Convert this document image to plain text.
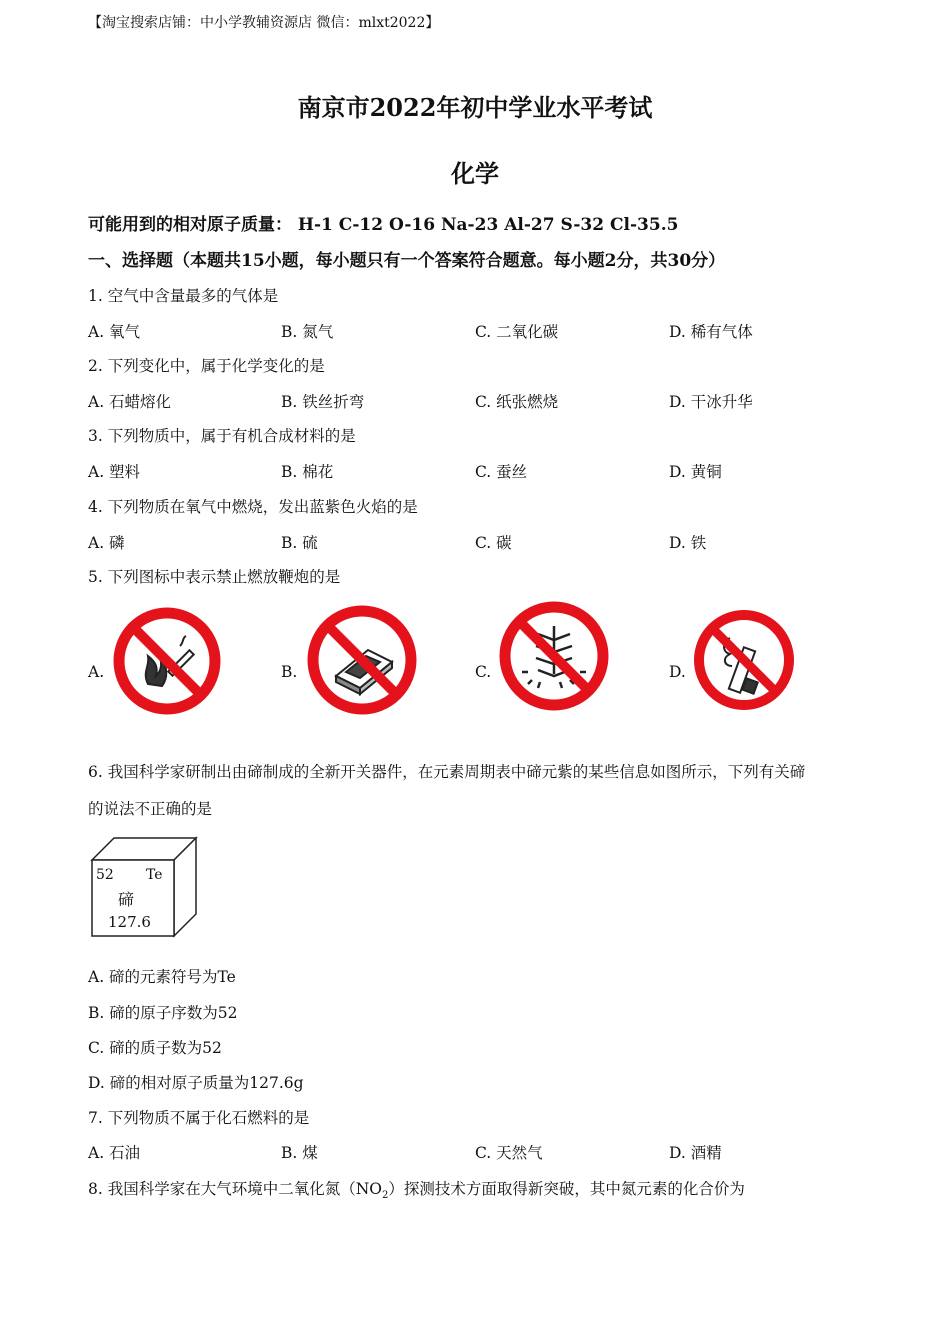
【淘宝搜索店铺：中小学教辅资源店 微信：mlxt2022】
南京市2022年初中学业水平考试
化学
可能用到的相对原子质量： H-1 C-12 O-16 Na-23 Al-27 S-32 Cl-35.5
一、选择题（本题共15小题，每小题只有一个答案符合题意。每小题2分，共30分）
1. 空气中含量最多的气体是
A. 氧气	B. 氮气	C. 二氧化碳	D. 稀有气体
2. 下列变化中，属于化学变化的是
A. 石蜡熔化	B. 铁丝折弯	C. 纸张燃烧	D. 干冰升华
3. 下列物质中，属于有机合成材料的是
A. 塑料	B. 棉花	C. 蚕丝	D. 黄铜
4. 下列物质在氧气中燃烧，发出蓝紫色火焰的是
A. 磷	B. 硫	C. 碳	D. 铁
5. 下列图标中表示禁止燃放鞭炮的是
A.	B.	C.	D.
6. 我国科学家研制出由碲制成的全新开关器件，在元素周期表中碲元紫的某些信息如图所示，下列有关碲
的说法不正确的是
52 Te
碲
127.6
A. 碲的元素符号为Te
B. 碲的原子序数为52
C. 碲的质子数为52
D. 碲的相对原子质量为127.6g
7. 下列物质不属于化石燃料的是
A. 石油	B. 煤	C. 天然气	D. 酒精
8. 我国科学家在大气环境中二氧化氮$(NO_2)$探测技术方面取得新突破，其中氮元素的化合价为
